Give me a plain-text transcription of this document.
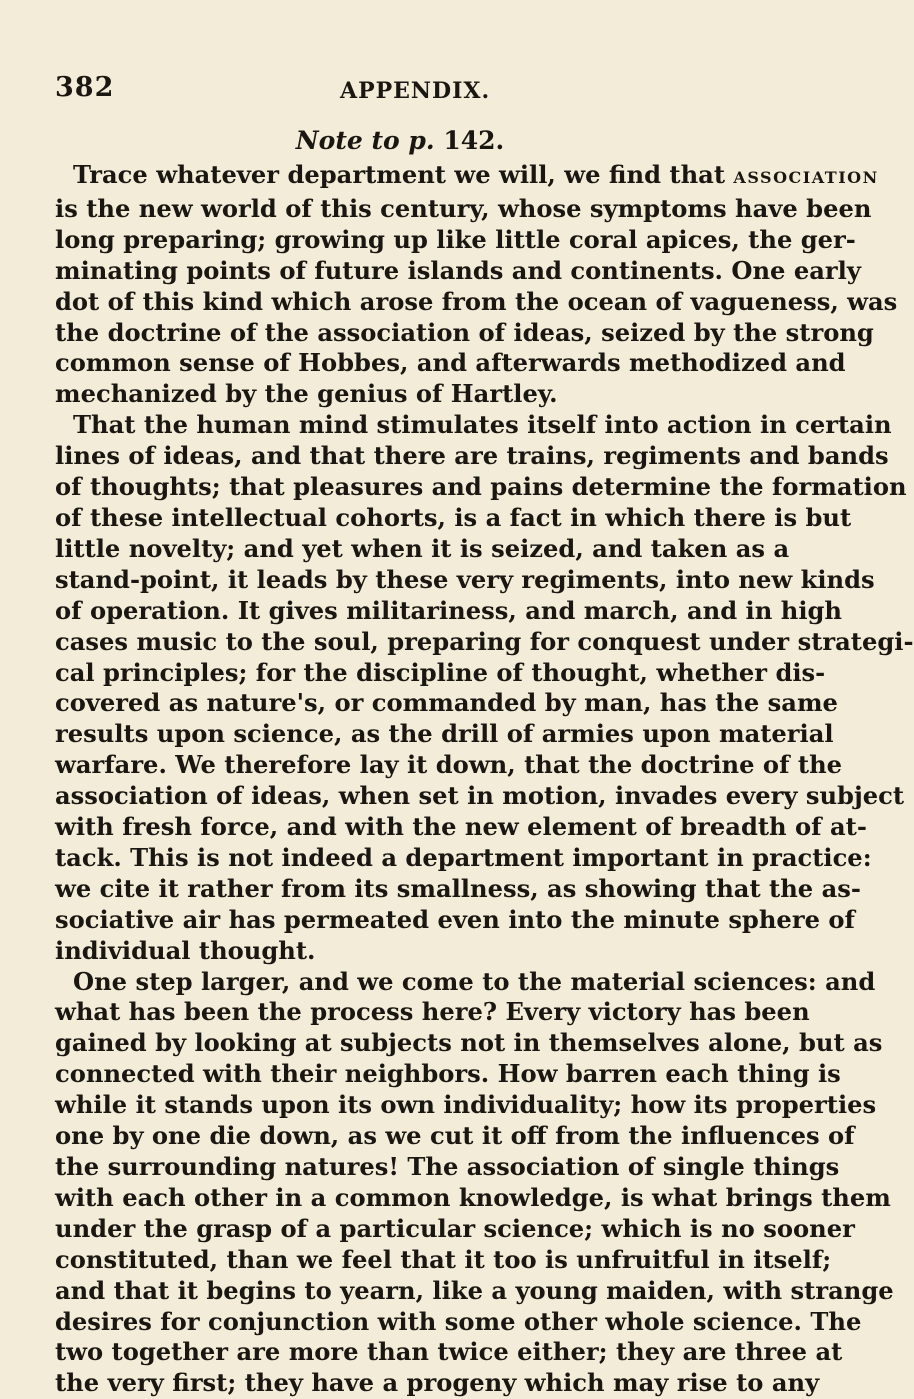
382	APPENDIX.
Note to p. 142.

Trace whatever department we will, we find that ASSOCIATION
is the new world of this century, whose symptoms have been
long preparing; growing up like little coral apices, the ger-
minating points of future islands and continents. One early
dot of this kind which arose from the ocean of vagueness, was
the doctrine of the association of ideas, seized by the strong
common sense of Hobbes, and afterwards methodized and
mechanized by the genius of Hartley.

That the human mind stimulates itself into action in certain
lines of ideas, and that there are trains, regiments and bands
of thoughts; that pleasures and pains determine the formation
of these intellectual cohorts, is a fact in which there is but
little novelty; and yet when it is seized, and taken as a
stand-point, it leads by these very regiments, into new kinds
of operation. It gives militariness, and march, and in high
cases music to the soul, preparing for conquest under strategi-
cal principles; for the discipline of thought, whether dis-
covered as nature's, or commanded by man, has the same
results upon science, as the drill of armies upon material
warfare. We therefore lay it down, that the doctrine of the
association of ideas, when set in motion, invades every subject
with fresh force, and with the new element of breadth of at-
tack. This is not indeed a department important in practice:
we cite it rather from its smallness, as showing that the as-
sociative air has permeated even into the minute sphere of
individual thought.

One step larger, and we come to the material sciences: and
what has been the process here? Every victory has been
gained by looking at subjects not in themselves alone, but as
connected with their neighbors. How barren each thing is
while it stands upon its own individuality; how its properties
one by one die down, as we cut it off from the influences of
the surrounding natures! The association of single things
with each other in a common knowledge, is what brings them
under the grasp of a particular science; which is no sooner
constituted, than we feel that it too is unfruitful in itself;
and that it begins to yearn, like a young maiden, with strange
desires for conjunction with some other whole science. The
two together are more than twice either; they are three at
the very first; they have a progeny which may rise to any
